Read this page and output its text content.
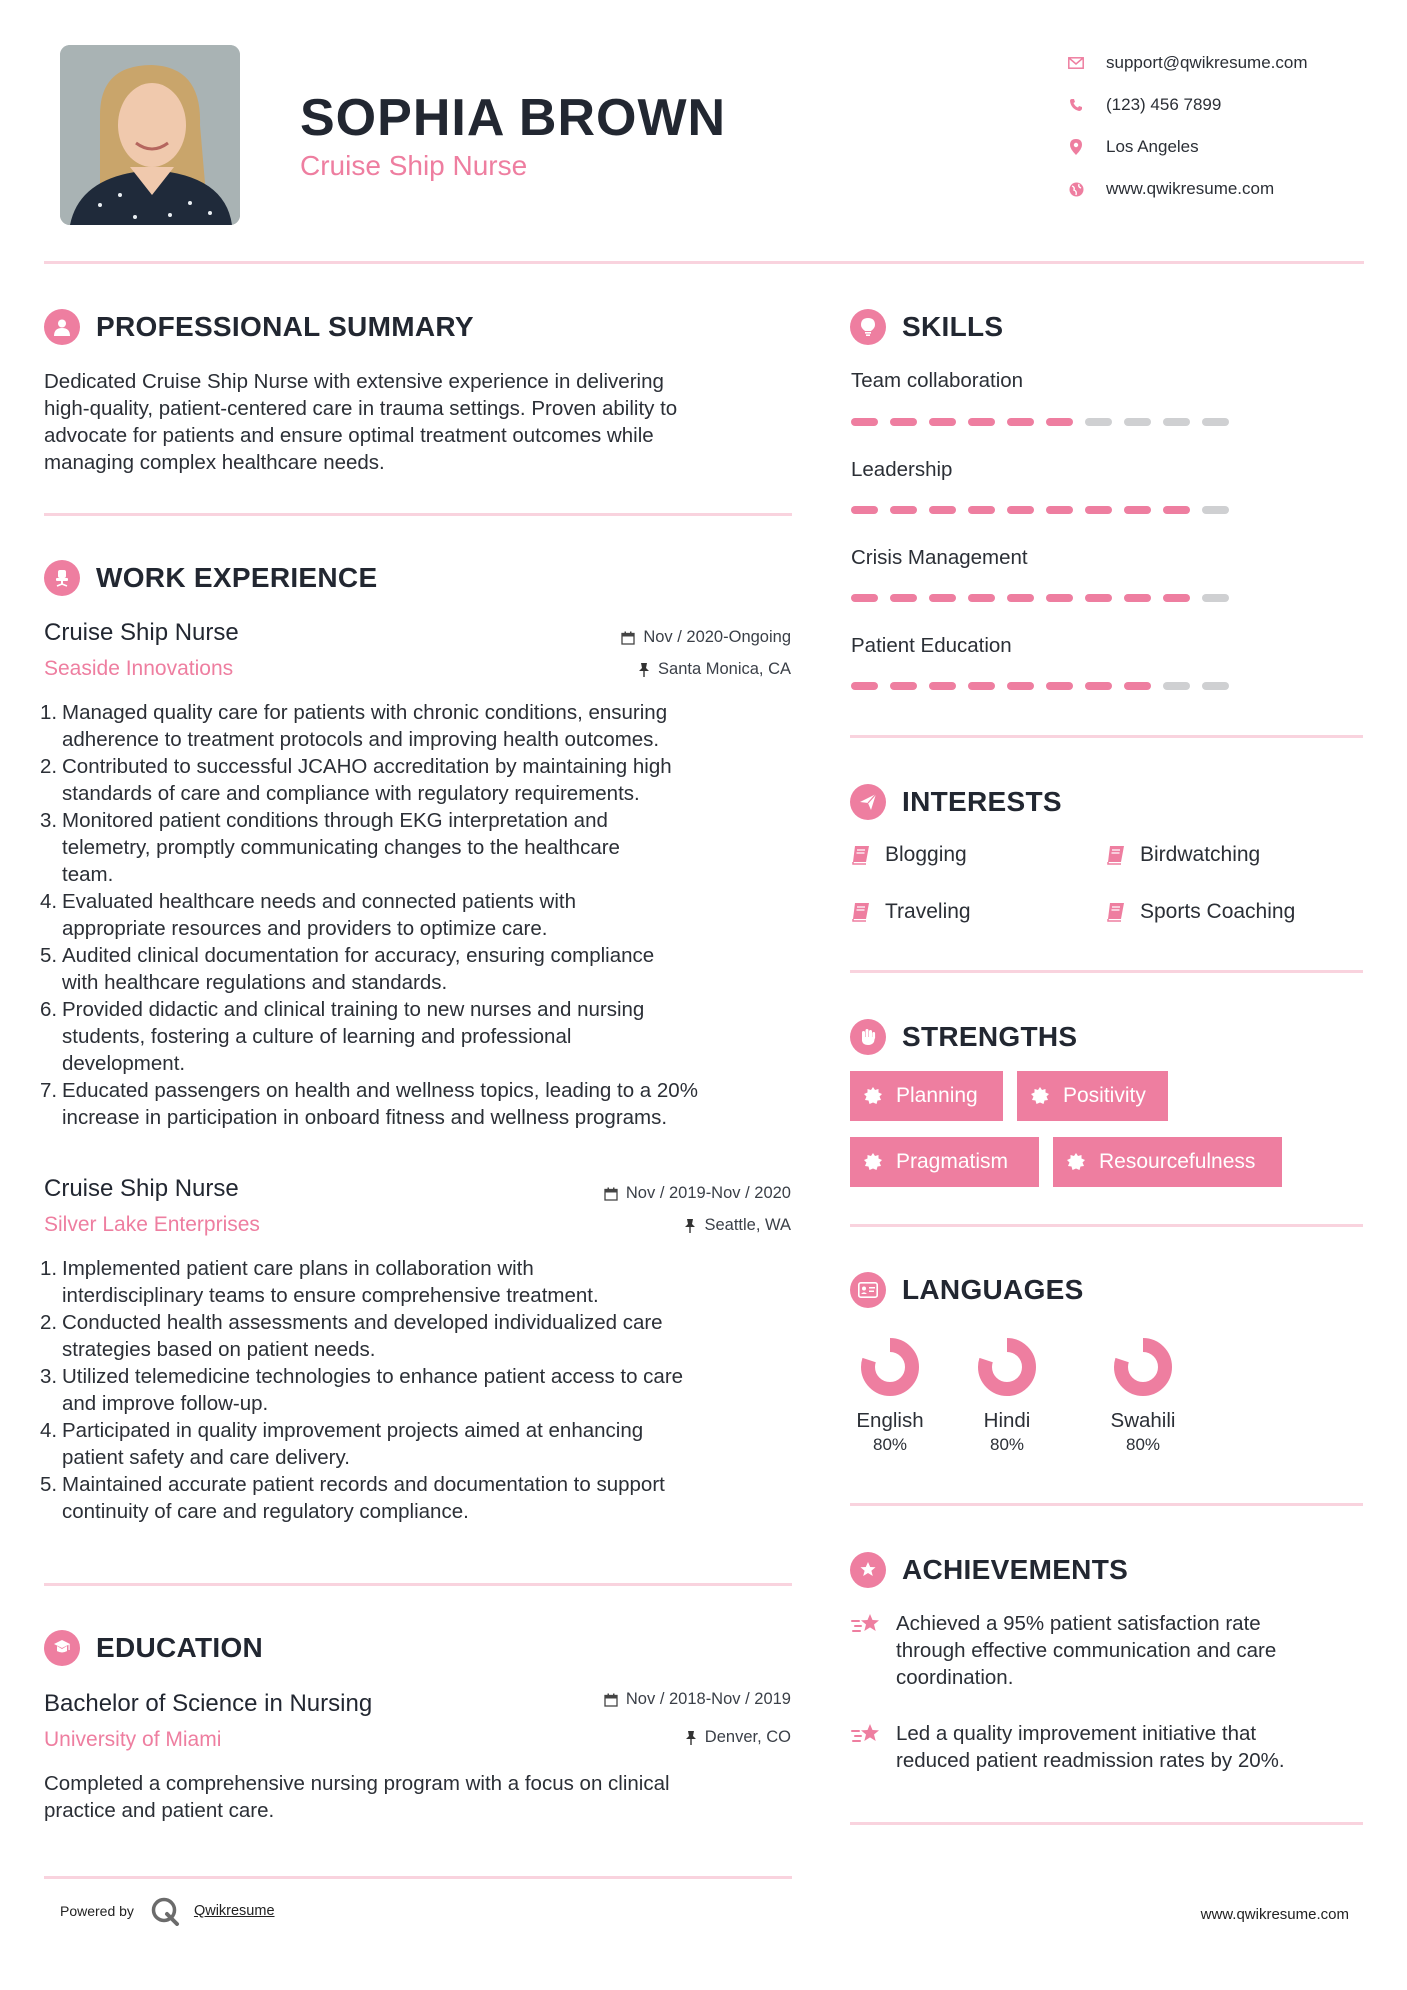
SOPHIA BROWN
Cruise Ship Nurse
support@qwikresume.com
(123) 456 7899
Los Angeles
www.qwikresume.com
PROFESSIONAL SUMMARY
Dedicated Cruise Ship Nurse with extensive experience in delivering
high-quality, patient-centered care in trauma settings. Proven ability to
advocate for patients and ensure optimal treatment outcomes while
managing complex healthcare needs.
WORK EXPERIENCE
Cruise Ship Nurse
Seaside Innovations
Nov / 2020-Ongoing
Santa Monica, CA
1. Managed quality care for patients with chronic conditions, ensuring
adherence to treatment protocols and improving health outcomes.
2. Contributed to successful JCAHO accreditation by maintaining high
standards of care and compliance with regulatory requirements.
3. Monitored patient conditions through EKG interpretation and
telemetry, promptly communicating changes to the healthcare
team.
4. Evaluated healthcare needs and connected patients with
appropriate resources and providers to optimize care.
5. Audited clinical documentation for accuracy, ensuring compliance
with healthcare regulations and standards.
6. Provided didactic and clinical training to new nurses and nursing
students, fostering a culture of learning and professional
development.
7. Educated passengers on health and wellness topics, leading to a 20%
increase in participation in onboard fitness and wellness programs.
Cruise Ship Nurse
Silver Lake Enterprises
Nov / 2019-Nov / 2020
Seattle, WA
1. Implemented patient care plans in collaboration with
interdisciplinary teams to ensure comprehensive treatment.
2. Conducted health assessments and developed individualized care
strategies based on patient needs.
3. Utilized telemedicine technologies to enhance patient access to care
and improve follow-up.
4. Participated in quality improvement projects aimed at enhancing
patient safety and care delivery.
5. Maintained accurate patient records and documentation to support
continuity of care and regulatory compliance.
EDUCATION
Bachelor of Science in Nursing
University of Miami
Nov / 2018-Nov / 2019
Denver, CO
Completed a comprehensive nursing program with a focus on clinical
practice and patient care.
SKILLS
Team collaboration
Leadership
Crisis Management
Patient Education
INTERESTS
Blogging	Birdwatching
Traveling	Sports Coaching
STRENGTHS
Planning	Positivity
Pragmatism	Resourcefulness
LANGUAGES
English
80%
Hindi
80%
Swahili
80%
ACHIEVEMENTS
Achieved a 95% patient satisfaction rate
through effective communication and care
coordination.
Led a quality improvement initiative that
reduced patient readmission rates by 20%.
Powered by	Qwikresume	www.qwikresume.com
